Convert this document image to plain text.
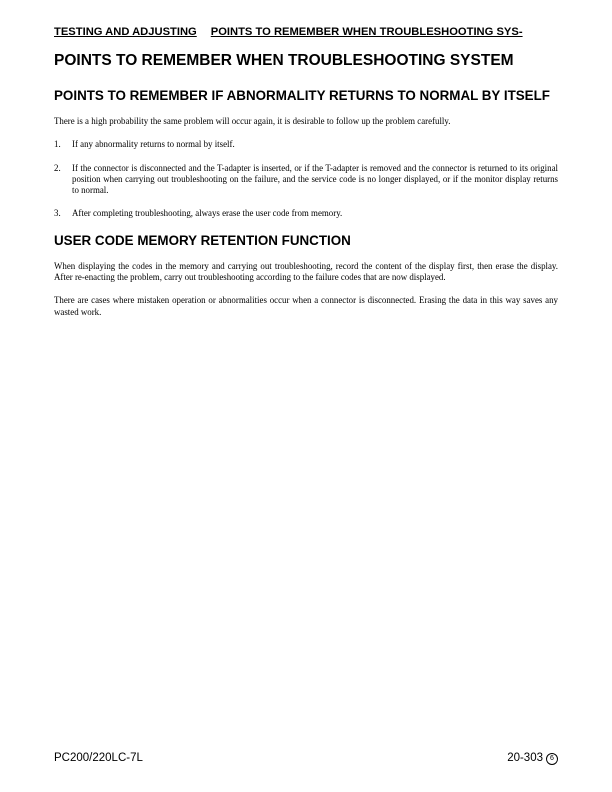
TESTING AND ADJUSTING POINTS TO REMEMBER WHEN TROUBLESHOOTING SYS-
POINTS TO REMEMBER WHEN TROUBLESHOOTING SYSTEM
POINTS TO REMEMBER IF ABNORMALITY RETURNS TO NORMAL BY ITSELF

There is a high probability the same problem will occur again, it is desirable to follow up the problem carefully.

1.	If any abnormality returns to normal by itself.
2.	If the connector is disconnected and the T-adapter is inserted, or if the T-adapter is removed and the connector is returned to its original position when carrying out troubleshooting on the failure, and the service code is no longer displayed, or if the monitor display returns to normal.
3.	After completing troubleshooting, always erase the user code from memory.
USER CODE MEMORY RETENTION FUNCTION

When displaying the codes in the memory and carrying out troubleshooting, record the content of the display first, then erase the display. After re-enacting the problem, carry out troubleshooting according to the failure codes that are now displayed.

There are cases where mistaken operation or abnormalities occur when a connector is disconnected. Erasing the data in this way saves any wasted work.

PC200/220LC-7L	20-303 6
